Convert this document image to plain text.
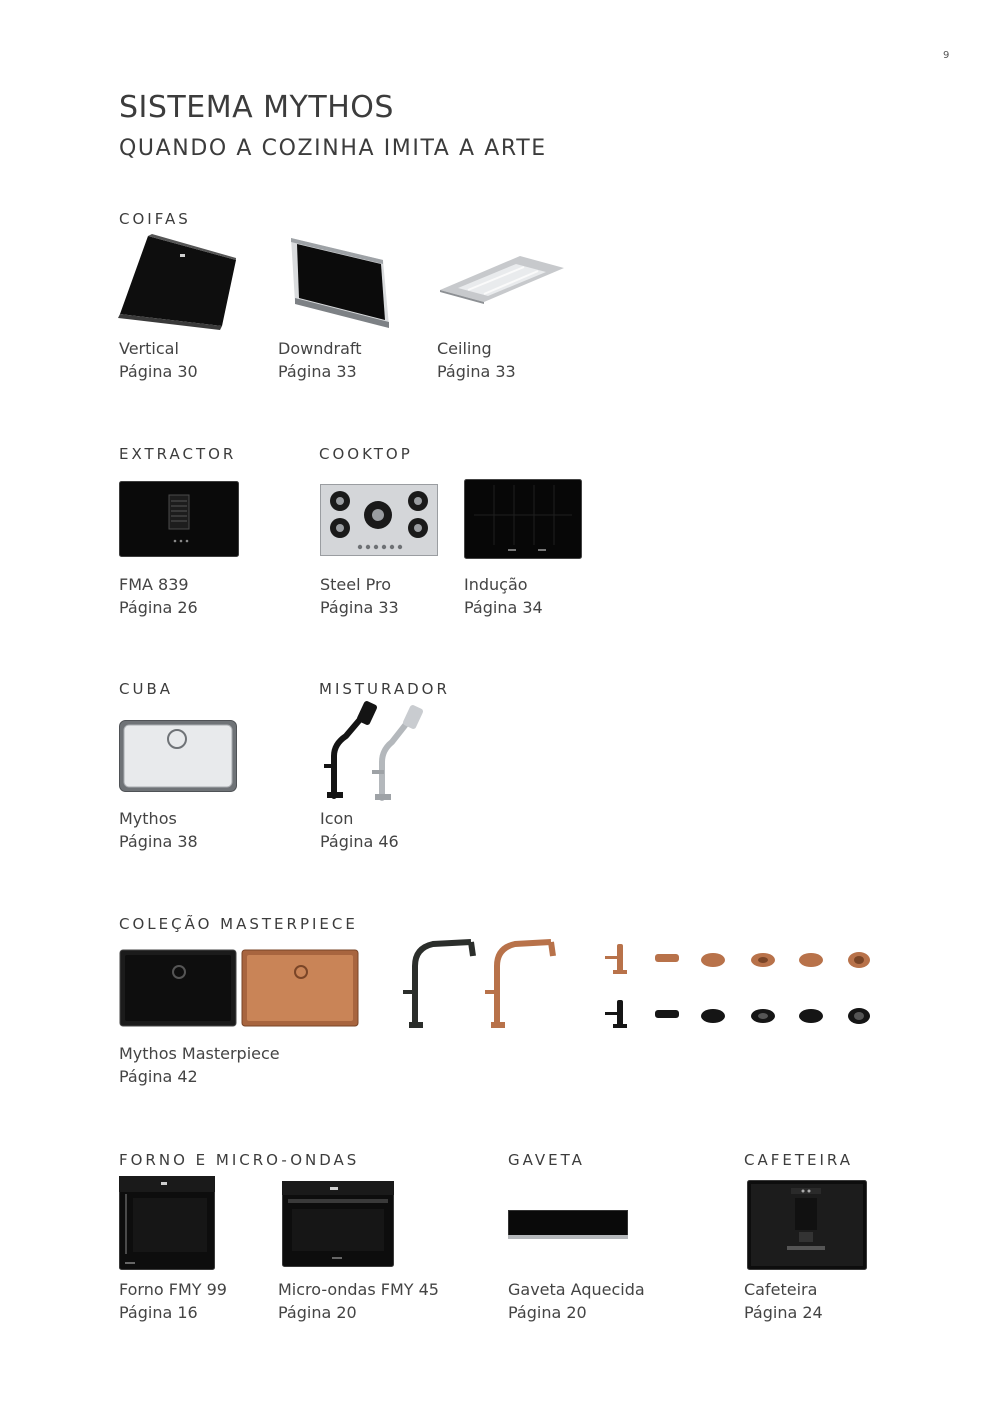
9
SISTEMA MYTHOS
QUANDO A COZINHA IMITA A ARTE
COIFAS
Vertical
Página 30
Downdraft
Página 33
Ceiling
Página 33
EXTRACTOR	COOKTOP
FMA 839
Página 26
Steel Pro
Página 33
Indução
Página 34
CUBA	MISTURADOR
Mythos
Página 38
Icon
Página 46
COLEÇÃO MASTERPIECE
Mythos Masterpiece
Página 42
FORNO E MICRO-ONDAS	GAVETA	CAFETEIRA
Forno FMY 99
Página 16
Micro-ondas FMY 45
Página 20
Gaveta Aquecida
Página 20
Cafeteira
Página 24
